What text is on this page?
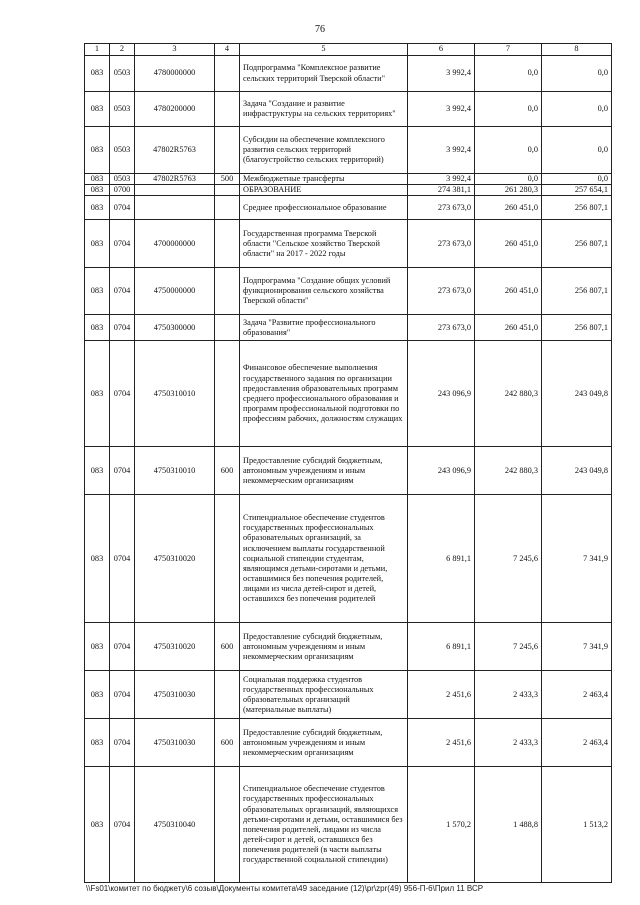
76
1	2	3	4	5	6	7	8
083	0503	4780000000		Подпрограмма "Комплексное развитие сельских территорий Тверской области"	3 992,4	0,0	0,0
083	0503	4780200000		Задача "Создание и развитие инфраструктуры на сельских территориях"	3 992,4	0,0	0,0
083	0503	47802R5763		Субсидии на обеспечение комплексного развития сельских территорий (благоустройство сельских территорий)	3 992,4	0,0	0,0
083	0503	47802R5763	500	Межбюджетные трансферты	3 992,4	0,0	0,0
083	0700			ОБРАЗОВАНИЕ	274 381,1	261 280,3	257 654,1
083	0704			Среднее профессиональное образование	273 673,0	260 451,0	256 807,1
083	0704	4700000000		Государственная программа Тверской области "Сельское хозяйство Тверской области" на 2017 - 2022 годы	273 673,0	260 451,0	256 807,1
083	0704	4750000000		Подпрограмма "Создание общих условий функционирования сельского хозяйства Тверской области"	273 673,0	260 451,0	256 807,1
083	0704	4750300000		Задача "Развитие профессионального образования"	273 673,0	260 451,0	256 807,1
083	0704	4750310010		Финансовое обеспечение выполнения государственного задания по организации предоставления образовательных программ среднего профессионального образования и программ профессиональной подготовки по профессиям рабочих, должностям служащих	243 096,9	242 880,3	243 049,8
083	0704	4750310010	600	Предоставление субсидий бюджетным, автономным учреждениям и иным некоммерческим организациям	243 096,9	242 880,3	243 049,8
083	0704	4750310020		Стипендиальное обеспечение студентов государственных профессиональных образовательных организаций, за исключением выплаты государственной социальной стипендии студентам, являющимся детьми-сиротами и детьми, оставшимися без попечения родителей, лицами из числа детей-сирот и детей, оставшихся без попечения родителей	6 891,1	7 245,6	7 341,9
083	0704	4750310020	600	Предоставление субсидий бюджетным, автономным учреждениям и иным некоммерческим организациям	6 891,1	7 245,6	7 341,9
083	0704	4750310030		Социальная поддержка студентов государственных профессиональных образовательных организаций (материальные выплаты)	2 451,6	2 433,3	2 463,4
083	0704	4750310030	600	Предоставление субсидий бюджетным, автономным учреждениям и иным некоммерческим организациям	2 451,6	2 433,3	2 463,4
083	0704	4750310040		Стипендиальное обеспечение студентов государственных профессиональных образовательных организаций, являющихся детьми-сиротами и детьми, оставшимися без попечения родителей, лицами из числа детей-сирот и детей, оставшихся без попечения родителей (в части выплаты государственной социальной стипендии)	1 570,2	1 488,8	1 513,2
\\Fs01\комитет по бюджету\6 созыв\Документы комитета\49 заседание (12)\pr\zpr(49) 956-П-6\Прил 11 ВСР
